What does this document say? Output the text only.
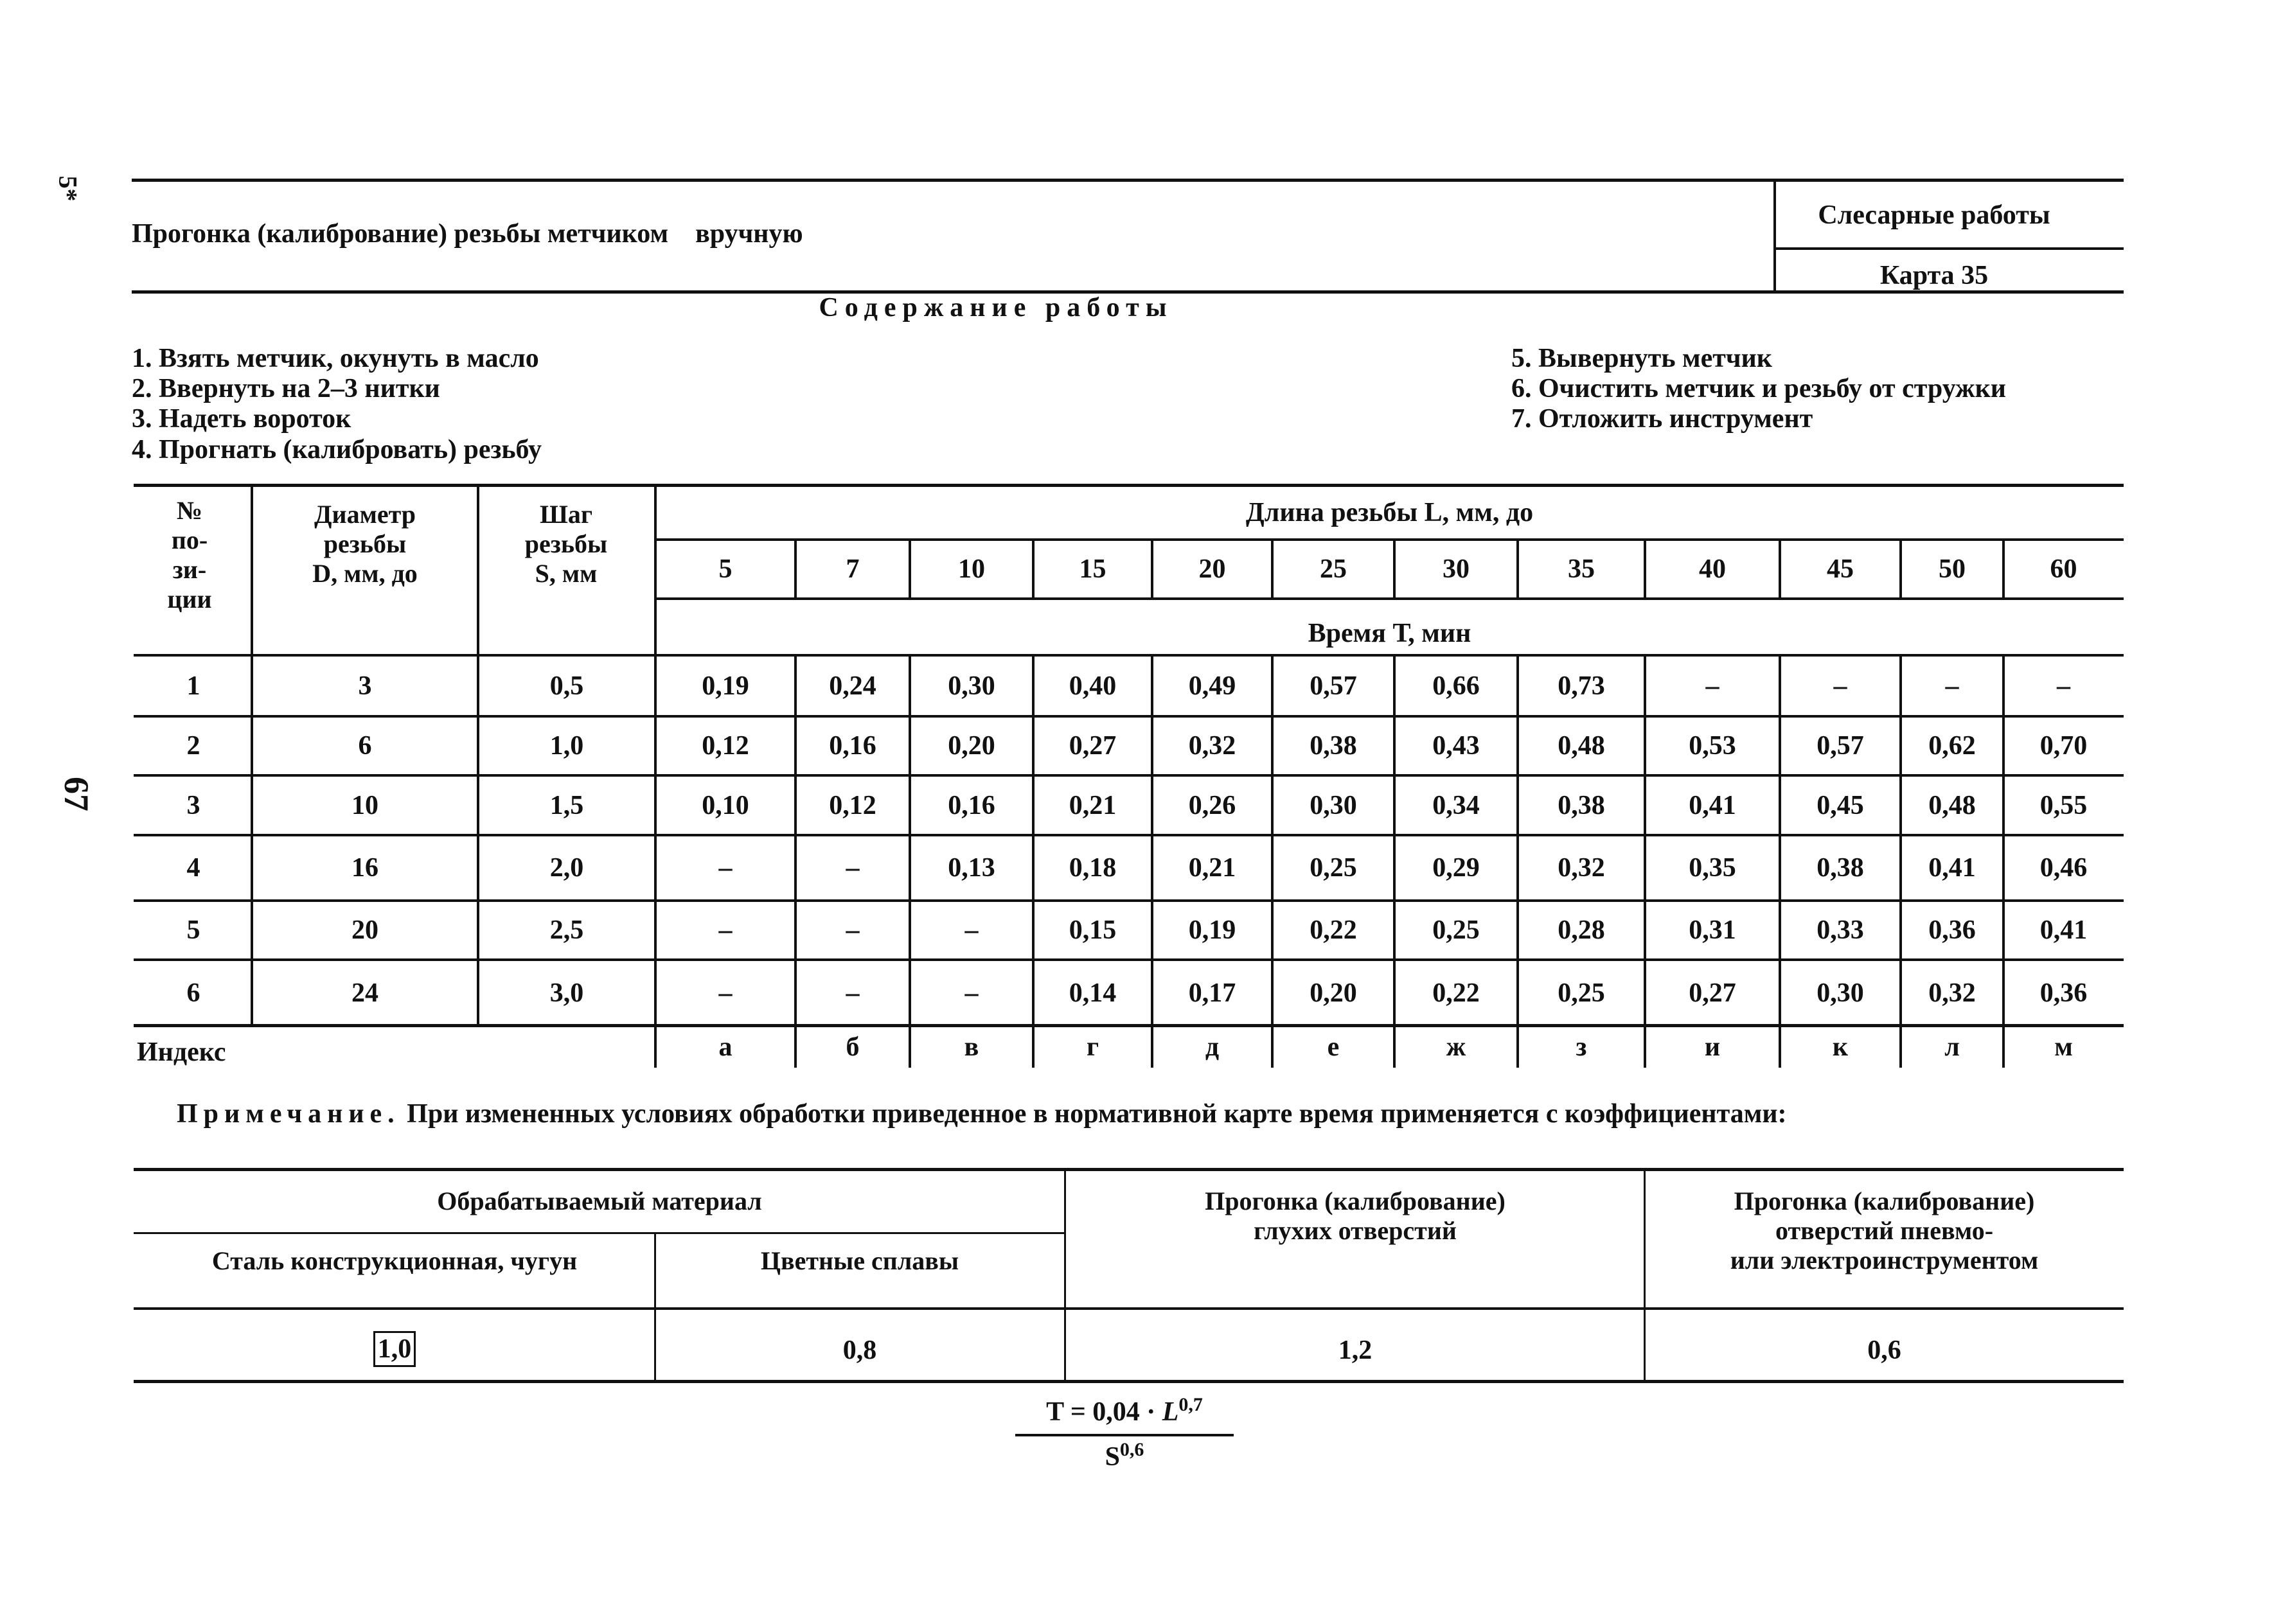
5*
67
Прогонка (калибрование) резьбы метчиком    вручную
Слесарные работы
Карта 35
Содержание работы
1. Взять метчик, окунуть в масло
2. Ввернуть на 2–3 нитки
3. Надеть вороток
4. Прогнать (калибровать) резьбу
5. Вывернуть метчик
6. Очистить метчик и резьбу от стружки
7. Отложить инструмент
№
по-
зи-
ции
Диаметр
резьбы
D, мм, до
Шаг
резьбы
S, мм
Длина резьбы L, мм, до
Время Т, мин
5	7	10	15	20	25	30	35	40	45	50	60
1	3	0,5	0,19	0,24	0,30	0,40	0,49	0,57	0,66	0,73	–	–	–	–
2	6	1,0	0,12	0,16	0,20	0,27	0,32	0,38	0,43	0,48	0,53	0,57	0,62	0,70
3	10	1,5	0,10	0,12	0,16	0,21	0,26	0,30	0,34	0,38	0,41	0,45	0,48	0,55
4	16	2,0	–	–	0,13	0,18	0,21	0,25	0,29	0,32	0,35	0,38	0,41	0,46
5	20	2,5	–	–	–	0,15	0,19	0,22	0,25	0,28	0,31	0,33	0,36	0,41
6	24	3,0	–	–	–	0,14	0,17	0,20	0,22	0,25	0,27	0,30	0,32	0,36
а	б	в	г	д	е	ж	з	и	к	л	м
Индекс
Примечание. При измененных условиях обработки приведенное в нормативной карте время применяется с коэффициентами:
Обрабатываемый материал
Сталь конструкционная, чугун	Цветные сплавы
Прогонка (калибрование)
глухих отверстий
Прогонка (калибрование)
отверстий пневмо-
или электроинструментом
1,0	0,8	1,2	0,6
T = 0,04 · L$^{0,7}$
S$^{0,6}$
